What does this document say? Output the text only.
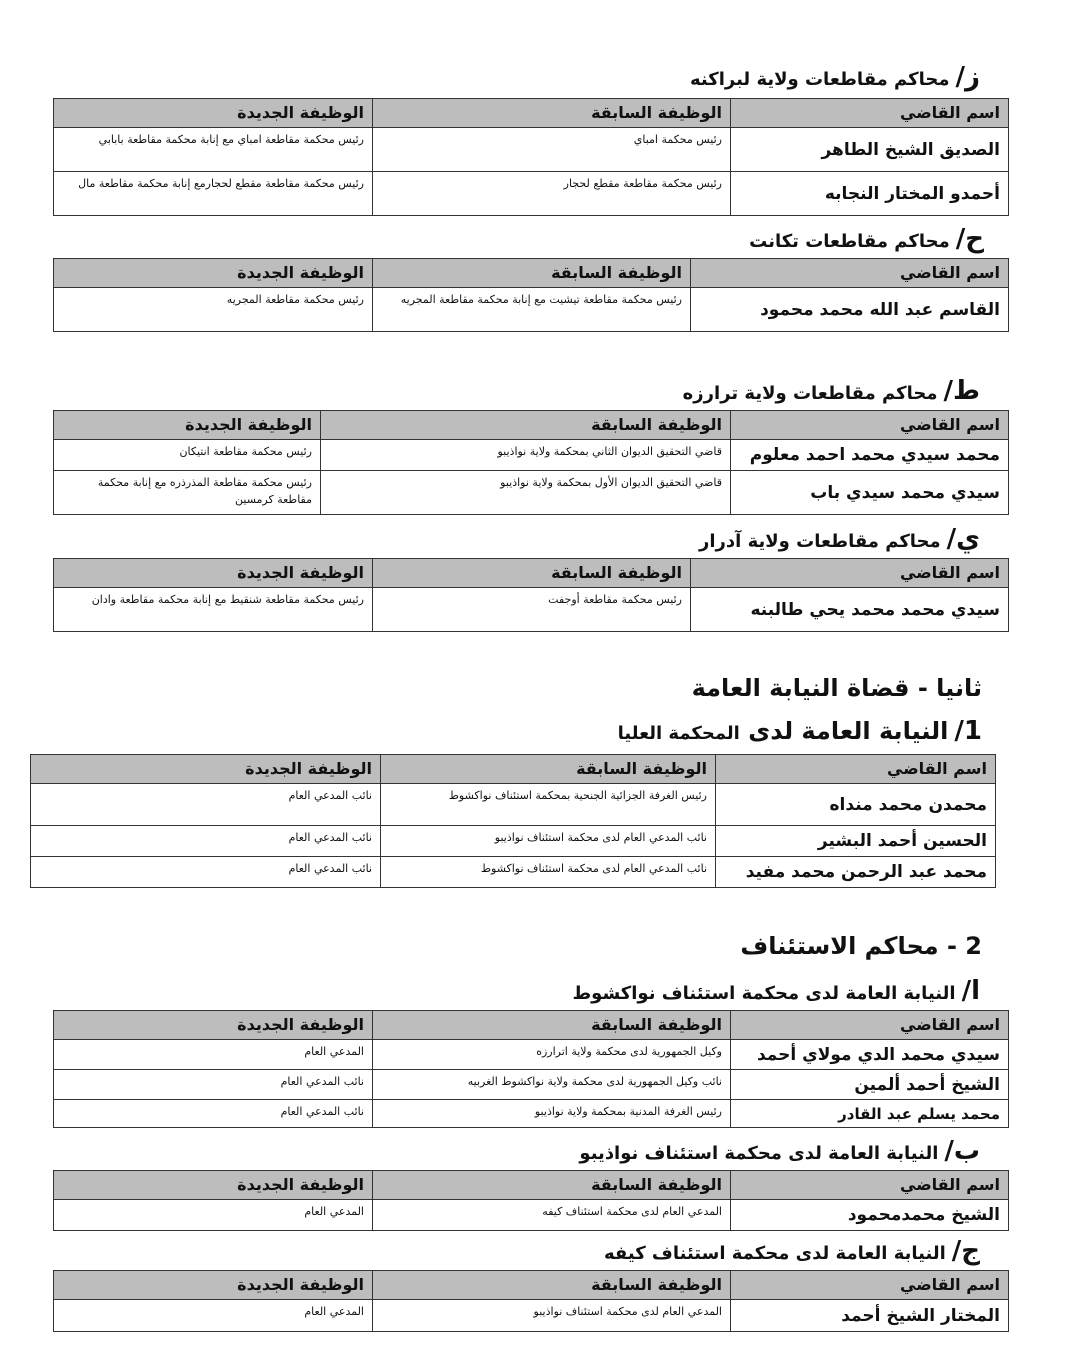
ز/محاكم مقاطعات ولاية لبراكنه
اسم القاضي	الوظيفة السابقة	الوظيفة الجديدة
الصديق الشيخ الطاهر	رئيس محكمة امباي	رئيس محكمة مقاطعة امباي مع إنابة محكمة مقاطعة بابابي
أحمدو المختار النجابه	رئيس محكمة مقاطعة مقطع لحجار	رئيس محكمة مقاطعة مقطع لحجارمع إنابة محكمة مقاطعة مال
ح/محاكم مقاطعات تكانت
اسم القاضي	الوظيفة السابقة	الوظيفة الجديدة
القاسم عبد الله محمد محمود	رئيس محكمة مقاطعة تيشيت مع إنابة محكمة مقاطعة المجريه	رئيس محكمة مقاطعة المجريه
ط/محاكم مقاطعات ولاية ترارزه
اسم القاضي	الوظيفة السابقة	الوظيفة الجديدة
محمد سيدي محمد احمد معلوم	قاضي التحقيق الديوان الثاني بمحكمة ولاية نواذيبو	رئيس محكمة مقاطعة انتيكان
سيدي محمد سيدي باب	قاضي التحقيق الديوان الأول بمحكمة ولاية نواذيبو	رئيس محكمة مقاطعة المذرذره مع إنابة محكمة مقاطعة كرمسين
ي/محاكم مقاطعات ولاية آدرار
اسم القاضي	الوظيفة السابقة	الوظيفة الجديدة
سيدي محمد محمد يحي طالبنه	رئيس محكمة مقاطعة أوجفت	رئيس محكمة مقاطعة شنقيط مع إنابة محكمة مقاطعة وادان
ثانيا - قضاة النيابة العامة
1/النيابة العامة لدى المحكمة العليا
اسم القاضي	الوظيفة السابقة	الوظيفة الجديدة
محمدن محمد منداه	رئيس الغرفة الجزائية الجنحية بمحكمة استئناف نواكشوط	نائب المدعي العام
الحسين أحمد البشير	نائب المدعي العام لدى محكمة استئناف نواذيبو	نائب المدعي العام
محمد عبد الرحمن محمد مفيد	نائب المدعي العام لدى محكمة استئناف نواكشوط	نائب المدعي العام
2 - محاكم الاستئناف
ا/النيابة العامة لدى محكمة استئناف نواكشوط
اسم القاضي	الوظيفة السابقة	الوظيفة الجديدة
سيدي محمد الدي مولاي أحمد	وكيل الجمهورية لدى محكمة ولاية اترارزه	المدعي العام
الشيخ أحمد ألمين	نائب وكيل الجمهورية لدى محكمة ولاية نواكشوط الغربيه	نائب المدعي العام
محمد يسلم عبد القادر	رئيس الغرفة المدنية بمحكمة ولاية نواذيبو	نائب المدعي العام
ب/النيابة العامة لدى محكمة استئناف نواذيبو
اسم القاضي	الوظيفة السابقة	الوظيفة الجديدة
الشيخ محمدمحمود	المدعي العام لدى محكمة استئناف كيفه	المدعي العام
ج/النيابة العامة لدى محكمة استئناف كيفه
اسم القاضي	الوظيفة السابقة	الوظيفة الجديدة
المختار الشيخ أحمد	المدعي العام لدى محكمة استئناف نواذيبو	المدعي العام
